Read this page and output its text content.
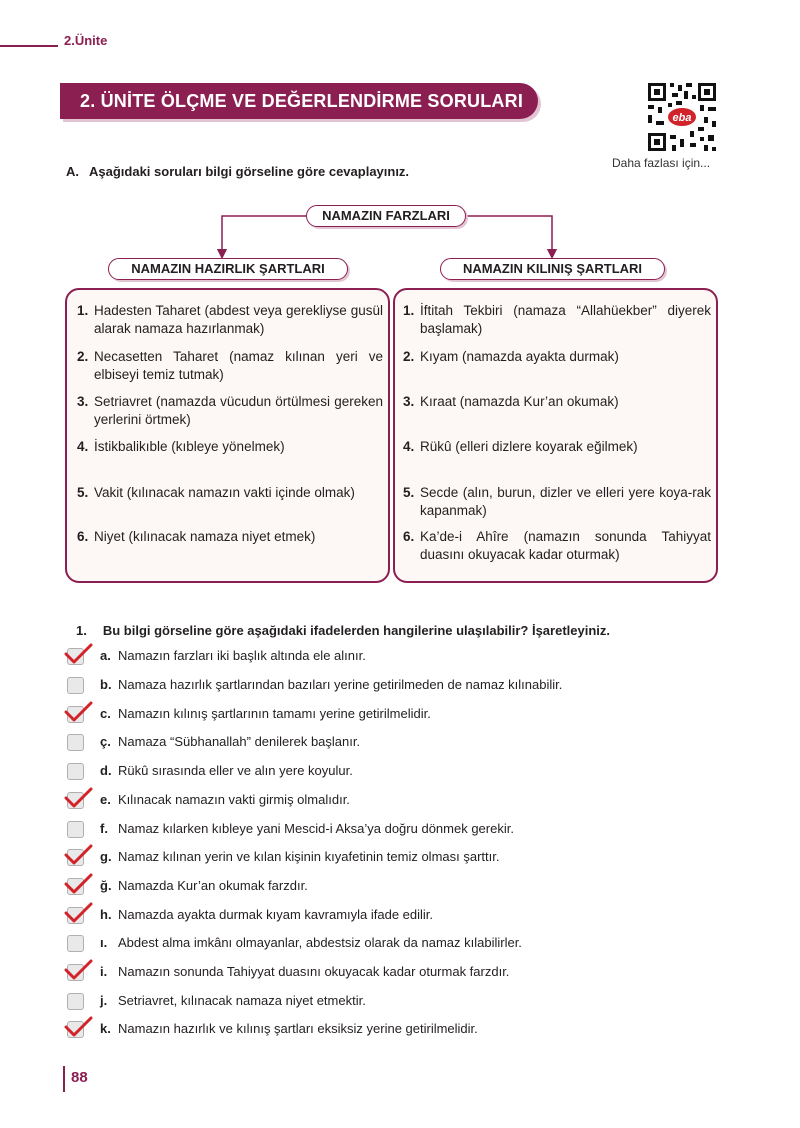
2.Ünite
2. ÜNİTE ÖLÇME VE DEĞERLENDİRME SORULARI
eba
Daha fazlası için...
A. Aşağıdaki soruları bilgi görseline göre cevaplayınız.
NAMAZIN FARZLARI
NAMAZIN HAZIRLIK ŞARTLARI	NAMAZIN KILINIŞ ŞARTLARI
1. Hadesten Taharet (abdest veya gerekliyse gusül alarak namaza hazırlanmak)
2. Necasetten Taharet (namaz kılınan yeri ve elbiseyi temiz tutmak)
3. Setriavret (namazda vücudun örtülmesi gereken yerlerini örtmek)
4. İstikbalikıble (kıbleye yönelmek)
5. Vakit (kılınacak namazın vakti içinde olmak)
6. Niyet (kılınacak namaza niyet etmek)
1. İftitah Tekbiri (namaza “Allahüekber” diyerek başlamak)
2. Kıyam (namazda ayakta durmak)
3. Kıraat (namazda Kur’an okumak)
4. Rükû (elleri dizlere koyarak eğilmek)
5. Secde (alın, burun, dizler ve elleri yere koya-rak kapanmak)
6. Ka’de-i Ahîre (namazın sonunda Tahiyyat duasını okuyacak kadar oturmak)
1. Bu bilgi görseline göre aşağıdaki ifadelerden hangilerine ulaşılabilir? İşaretleyiniz.
a. Namazın farzları iki başlık altında ele alınır.
b. Namaza hazırlık şartlarından bazıları yerine getirilmeden de namaz kılınabilir.
c. Namazın kılınış şartlarının tamamı yerine getirilmelidir.
ç. Namaza “Sübhanallah” denilerek başlanır.
d. Rükû sırasında eller ve alın yere koyulur.
e. Kılınacak namazın vakti girmiş olmalıdır.
f. Namaz kılarken kıbleye yani Mescid-i Aksa’ya doğru dönmek gerekir.
g. Namaz kılınan yerin ve kılan kişinin kıyafetinin temiz olması şarttır.
ğ. Namazda Kur’an okumak farzdır.
h. Namazda ayakta durmak kıyam kavramıyla ifade edilir.
ı. Abdest alma imkânı olmayanlar, abdestsiz olarak da namaz kılabilirler.
i. Namazın sonunda Tahiyyat duasını okuyacak kadar oturmak farzdır.
j. Setriavret, kılınacak namaza niyet etmektir.
k. Namazın hazırlık ve kılınış şartları eksiksiz yerine getirilmelidir.
88
